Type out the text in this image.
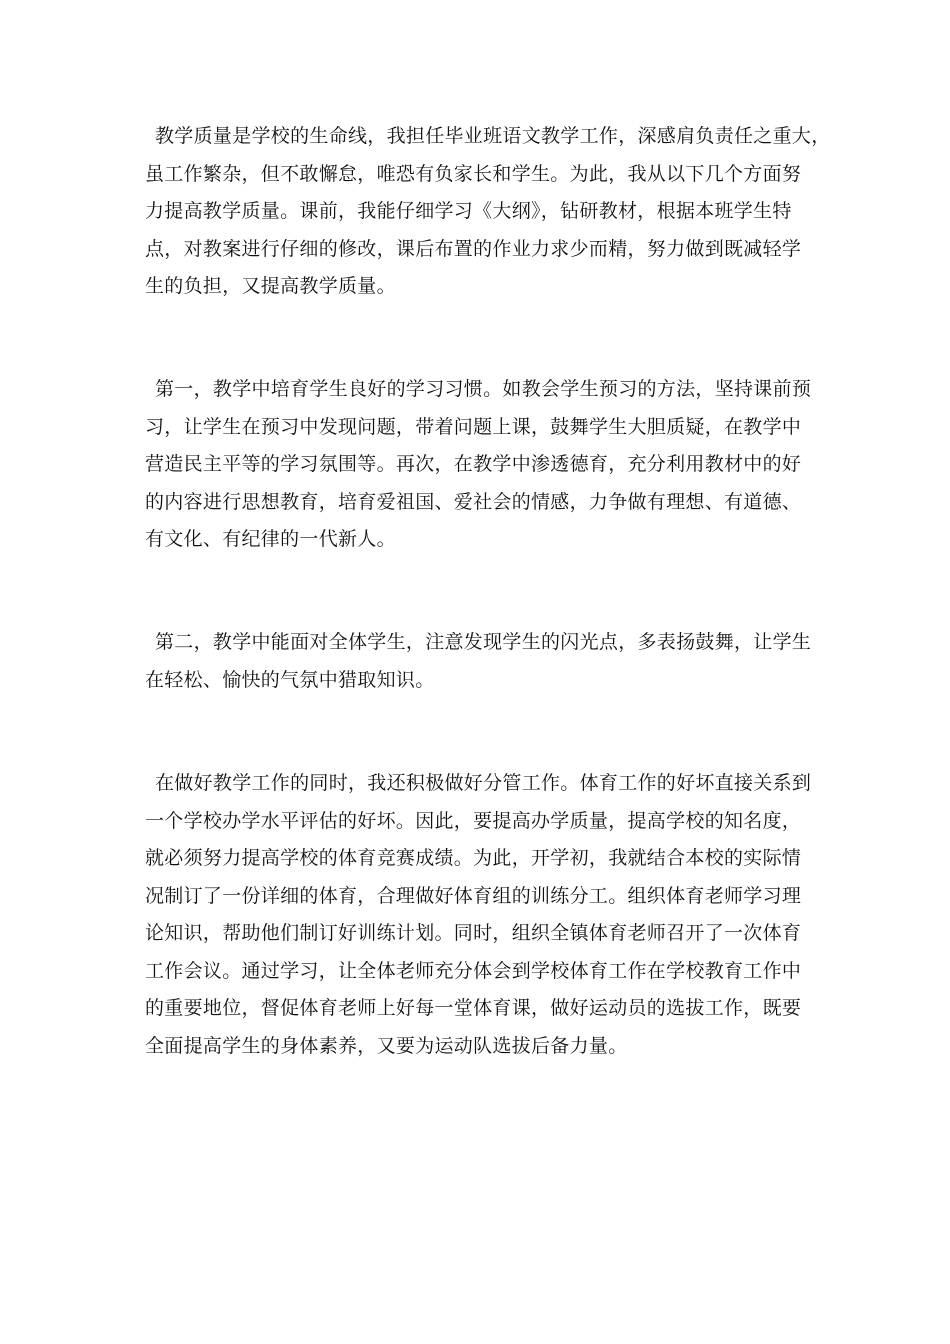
教学质量是学校的生命线，我担任毕业班语文教学工作，深感肩负责任之重大，
虽工作繁杂，但不敢懈怠，唯恐有负家长和学生。为此，我从以下几个方面努
力提高教学质量。课前，我能仔细学习《大纲》，钻研教材，根据本班学生特
点，对教案进行仔细的修改，课后布置的作业力求少而精，努力做到既减轻学
生的负担，又提高教学质量。

第一，教学中培育学生良好的学习习惯。如教会学生预习的方法，坚持课前预
习，让学生在预习中发现问题，带着问题上课，鼓舞学生大胆质疑，在教学中
营造民主平等的学习氛围等。再次，在教学中渗透德育，充分利用教材中的好
的内容进行思想教育，培育爱祖国、爱社会的情感，力争做有理想、有道德、
有文化、有纪律的一代新人。

第二，教学中能面对全体学生，注意发现学生的闪光点，多表扬鼓舞，让学生
在轻松、愉快的气氛中猎取知识。

在做好教学工作的同时，我还积极做好分管工作。体育工作的好坏直接关系到
一个学校办学水平评估的好坏。因此，要提高办学质量，提高学校的知名度，
就必须努力提高学校的体育竞赛成绩。为此，开学初，我就结合本校的实际情
况制订了一份详细的体育，合理做好体育组的训练分工。组织体育老师学习理
论知识，帮助他们制订好训练计划。同时，组织全镇体育老师召开了一次体育
工作会议。通过学习，让全体老师充分体会到学校体育工作在学校教育工作中
的重要地位，督促体育老师上好每一堂体育课，做好运动员的选拔工作，既要
全面提高学生的身体素养，又要为运动队选拔后备力量。
